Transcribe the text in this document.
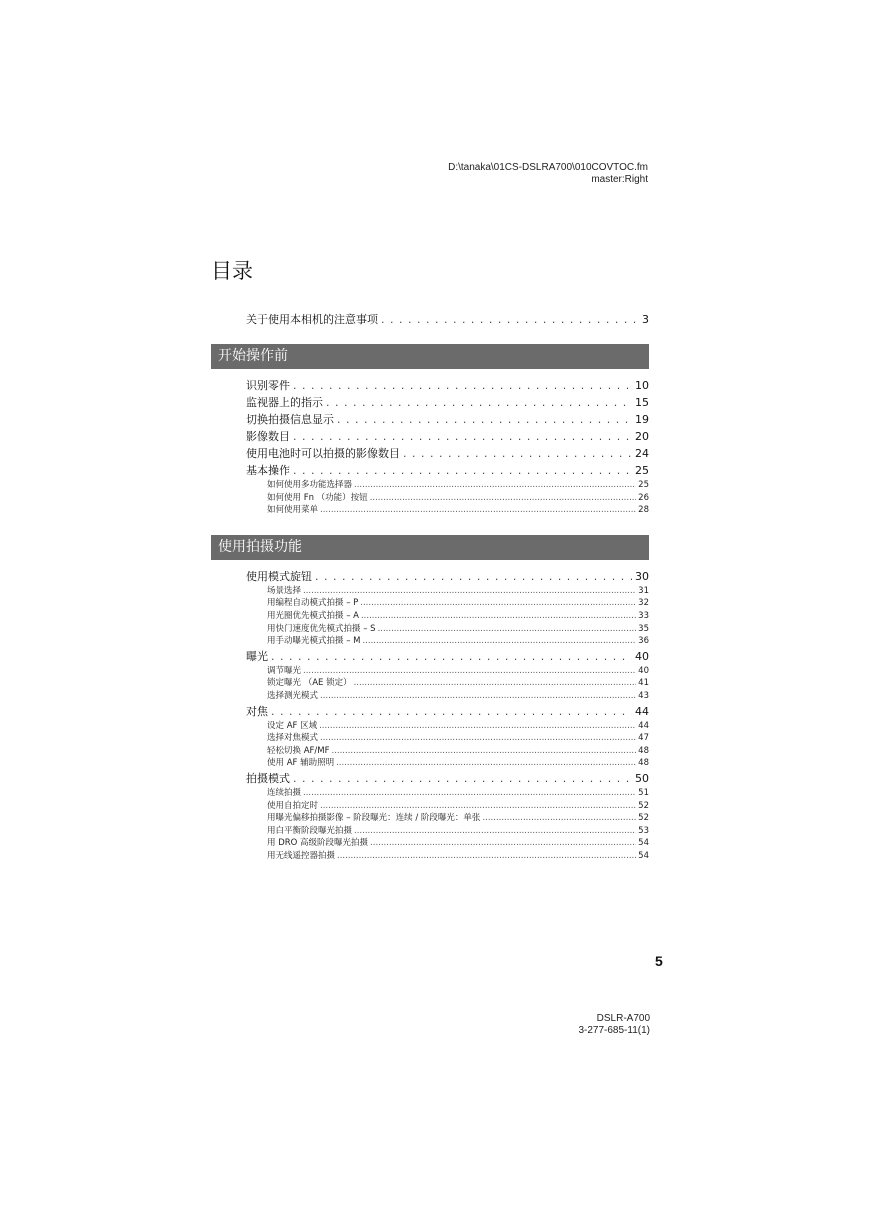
D:\tanaka\01CS-DSLRA700\010COVTOC.fm
master:Right
目录
关于使用本相机的注意事项 . . .	3
开始操作前
识别零件 . . .	10
监视器上的指示 . . .	15
切换拍摄信息显示 . . .	19
影像数目 . . .	20
使用电池时可以拍摄的影像数目 . . .	24
基本操作 . . .	25
如何使用多功能选择器 .....	25
如何使用 Fn （功能）按钮 .....	26
如何使用菜单 .....	28
使用拍摄功能
使用模式旋钮 . . .	30
场景选择 .....	31
用编程自动模式拍摄 – P .....	32
用光圈优先模式拍摄 – A .....	33
用快门速度优先模式拍摄 – S .....	35
用手动曝光模式拍摄 – M .....	36
曝光 . . .	40
调节曝光 .....	40
锁定曝光 （AE 锁定） .....	41
选择测光模式 .....	43
对焦 . . .	44
设定 AF 区域 .....	44
选择对焦模式 .....	47
轻松切换 AF/MF .....	48
使用 AF 辅助照明 .....	48
拍摄模式 . . .	50
连续拍摄 .....	51
使用自拍定时 .....	52
用曝光偏移拍摄影像 – 阶段曝光：连续 / 阶段曝光：单张 .....	52
用白平衡阶段曝光拍摄 .....	53
用 DRO 高级阶段曝光拍摄 .....	54
用无线遥控器拍摄 .....	54
5
DSLR-A700
3-277-685-11(1)
